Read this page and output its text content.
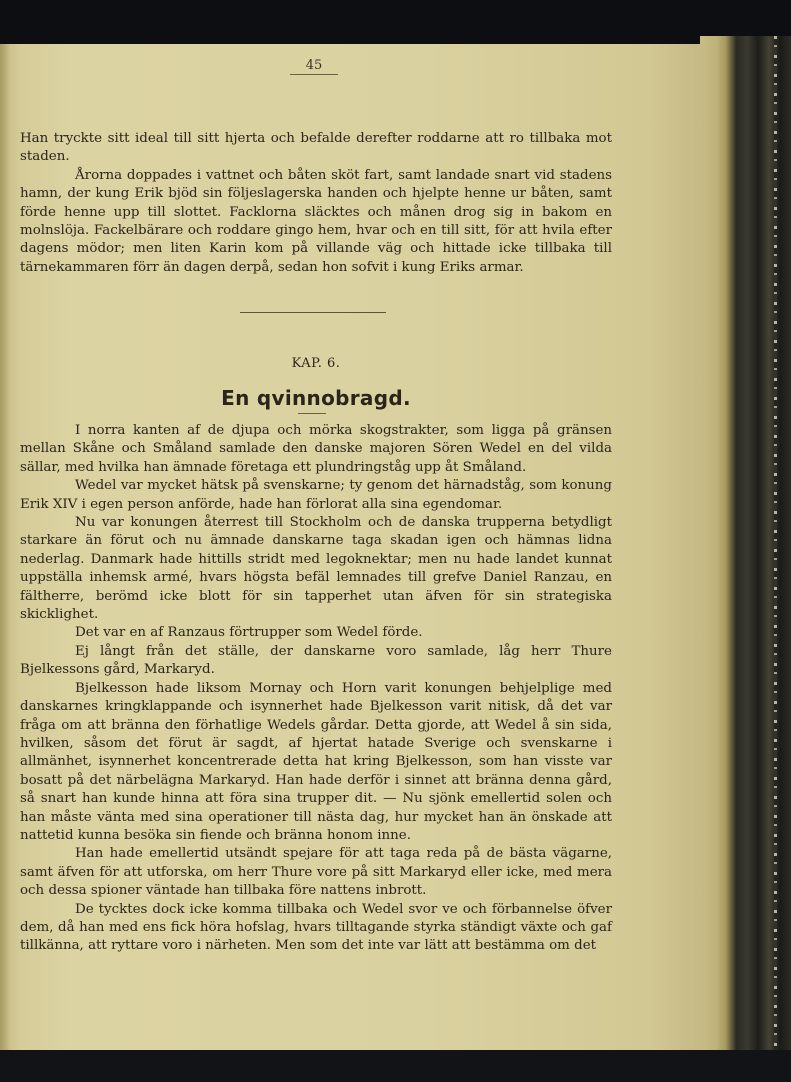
45

Han tryckte sitt ideal till sitt hjerta och befalde derefter roddarne att ro tillbaka mot staden.

Årorna doppades i vattnet och båten sköt fart, samt landade snart vid stadens hamn, der kung Erik bjöd sin följeslagerska handen och hjelpte henne ur båten, samt förde henne upp till slottet. Facklorna släcktes och månen drog sig in bakom en molnslöja. Fackelbärare och roddare gingo hem, hvar och en till sitt, för att hvila efter dagens mödor; men liten Karin kom på villande väg och hittade icke tillbaka till tärnekammaren förr än dagen derpå, sedan hon sofvit i kung Eriks armar.

KAP. 6.
En qvinnobragd.

I norra kanten af de djupa och mörka skogstrakter, som ligga på gränsen mellan Skåne och Småland samlade den danske majoren Sören Wedel en del vilda sällar, med hvilka han ämnade företaga ett plundringståg upp åt Småland.

Wedel var mycket hätsk på svenskarne; ty genom det härnadståg, som konung Erik XIV i egen person anförde, hade han förlorat alla sina egendomar.

Nu var konungen återrest till Stockholm och de danska trupperna betydligt starkare än förut och nu ämnade danskarne taga skadan igen och hämnas lidna nederlag. Danmark hade hittills stridt med legoknektar; men nu hade landet kunnat uppställa inhemsk armé, hvars högsta befäl lemnades till grefve Daniel Ranzau, en fältherre, berömd icke blott för sin tapperhet utan äfven för sin strategiska skicklighet.

Det var en af Ranzaus förtrupper som Wedel förde.

Ej långt från det ställe, der danskarne voro samlade, låg herr Thure Bjelkessons gård, Markaryd.

Bjelkesson hade liksom Mornay och Horn varit konungen behjelplige med danskarnes kringklappande och isynnerhet hade Bjelkesson varit nitisk, då det var fråga om att bränna den förhatlige Wedels gårdar. Detta gjorde, att Wedel å sin sida, hvilken, såsom det förut är sagdt, af hjertat hatade Sverige och svenskarne i allmänhet, isynnerhet koncentrerade detta hat kring Bjelkesson, som han visste var bosatt på det närbelägna Markaryd. Han hade derför i sinnet att bränna denna gård, så snart han kunde hinna att föra sina trupper dit. — Nu sjönk emellertid solen och han måste vänta med sina operationer till nästa dag, hur mycket han än önskade att nattetid kunna besöka sin fiende och bränna honom inne.

Han hade emellertid utsändt spejare för att taga reda på de bästa vägarne, samt äfven för att utforska, om herr Thure vore på sitt Markaryd eller icke, med mera och dessa spioner väntade han tillbaka före nattens inbrott.

De tycktes dock icke komma tillbaka och Wedel svor ve och förbannelse öfver dem, då han med ens fick höra hofslag, hvars tilltagande styrka ständigt växte och gaf tillkänna, att ryttare voro i närheten. Men som det inte var lätt att bestämma om det
